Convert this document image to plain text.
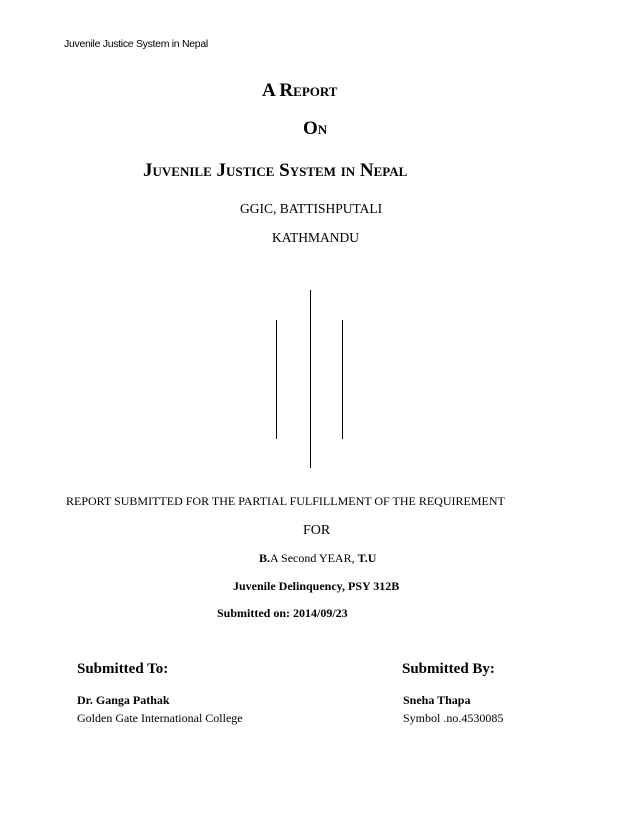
Juvenile Justice System in Nepal
A Report
On
Juvenile Justice System in Nepal
GGIC, BATTISHPUTALI
KATHMANDU
REPORT SUBMITTED FOR THE PARTIAL FULFILLMENT OF THE REQUIREMENT
FOR
B.A Second YEAR, T.U
Juvenile Delinquency, PSY 312B
Submitted on: 2014/09/23
Submitted To:	Submitted By:
Dr. Ganga Pathak
Golden Gate International College
Sneha Thapa
Symbol .no.4530085
